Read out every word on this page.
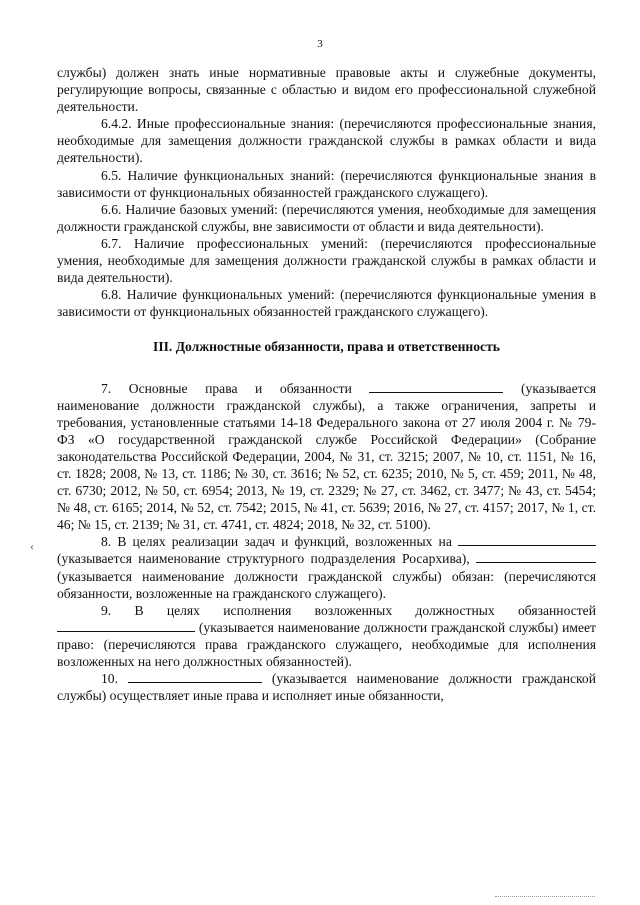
3

службы) должен знать иные нормативные правовые акты и служебные документы, регулирующие вопросы, связанные с областью и видом его профессиональной служебной деятельности.

6.4.2. Иные профессиональные знания: (перечисляются профессиональные знания, необходимые для замещения должности гражданской службы в рамках области и вида деятельности).

6.5. Наличие функциональных знаний: (перечисляются функциональные знания в зависимости от функциональных обязанностей гражданского служащего).

6.6. Наличие базовых умений: (перечисляются умения, необходимые для замещения должности гражданской службы, вне зависимости от области и вида деятельности).

6.7. Наличие профессиональных умений: (перечисляются профессиональные умения, необходимые для замещения должности гражданской службы в рамках области и вида деятельности).

6.8. Наличие функциональных умений: (перечисляются функциональные умения в зависимости от функциональных обязанностей гражданского служащего).

III. Должностные обязанности, права и ответственность

7. Основные права и обязанности	(указывается наименование должности гражданской службы), а также ограничения, запреты и требования, установленные статьями 14-18 Федерального закона от 27 июля 2004 г. № 79-ФЗ «О государственной гражданской службе Российской Федерации» (Собрание законодательства Российской Федерации, 2004, № 31, ст. 3215; 2007, № 10, ст. 1151, № 16, ст. 1828; 2008, № 13, ст. 1186; № 30, ст. 3616; № 52, ст. 6235; 2010, № 5, ст. 459; 2011, № 48, ст. 6730; 2012, № 50, ст. 6954; 2013, № 19, ст. 2329; № 27, ст. 3462, ст. 3477; № 43, ст. 5454; № 48, ст. 6165; 2014, № 52, ст. 7542; 2015, № 41, ст. 5639; 2016, № 27, ст. 4157; 2017, № 1, ст. 46; № 15, ст. 2139; № 31, ст. 4741, ст. 4824; 2018, № 32, ст. 5100).

8. В целях реализации задач и функций, возложенных на  (указывается наименование структурного подразделения Росархива),  (указывается наименование должности гражданской службы) обязан: (перечисляются обязанности, возложенные на гражданского служащего).

9. В целях исполнения возложенных должностных обязанностей  (указывается наименование должности гражданской службы) имеет право: (перечисляются права гражданского служащего, необходимые для исполнения возложенных на него должностных обязанностей).

10.	(указывается наименование должности гражданской службы) осуществляет иные права и исполняет иные обязанности,

‹
